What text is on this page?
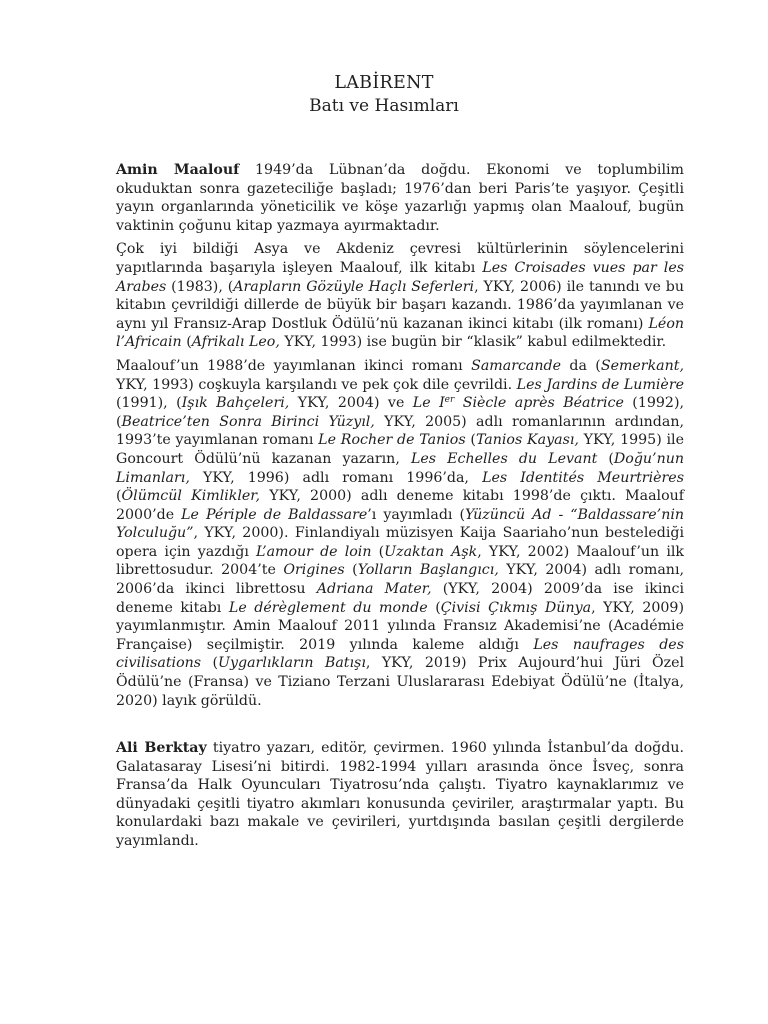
LABİRENT
Batı ve Hasımları

Amin Maalouf 1949’da Lübnan’da doğdu. Ekonomi ve toplumbilim okuduktan sonra gazeteciliğe başladı; 1976’dan beri Paris’te yaşıyor. Çeşitli yayın organlarında yöneticilik ve köşe yazarlığı yapmış olan Maalouf, bugün vaktinin çoğunu kitap yazmaya ayırmaktadır.

Çok iyi bildiği Asya ve Akdeniz çevresi kültürlerinin söylencelerini yapıtlarında başarıyla işleyen Maalouf, ilk kitabı Les Croisades vues par les Arabes (1983), (Arapların Gözüyle Haçlı Seferleri, YKY, 2006) ile tanındı ve bu kitabın çevrildiği dillerde de büyük bir başarı kazandı. 1986’da yayımlanan ve aynı yıl Fransız-Arap Dostluk Ödülü’nü kazanan ikinci kitabı (ilk romanı) Léon l’Africain (Afrikalı Leo, YKY, 1993) ise bugün bir “klasik” kabul edilmektedir.

Maalouf’un 1988’de yayımlanan ikinci romanı Samarcande da (Semerkant, YKY, 1993) coşkuyla karşılandı ve pek çok dile çevrildi. Les Jardins de Lumière (1991), (Işık Bahçeleri, YKY, 2004) ve Le Ier Siècle après Béatrice (1992), (Beatrice’ten Sonra Birinci Yüzyıl, YKY, 2005) adlı romanlarının ardından, 1993’te yayımlanan romanı Le Rocher de Tanios (Tanios Kayası, YKY, 1995) ile Goncourt Ödülü’nü kazanan yazarın, Les Echelles du Levant (Doğu’nun Limanları, YKY, 1996) adlı romanı 1996’da, Les Identités Meurtrières (Ölümcül Kimlikler, YKY, 2000) adlı deneme kitabı 1998’de çıktı. Maalouf 2000’de Le Périple de Baldassare’ı yayımladı (Yüzüncü Ad - “Baldassare’nin Yolculuğu”, YKY, 2000). Finlandiyalı müzisyen Kaija Saariaho’nun bestelediği opera için yazdığı L’amour de loin (Uzaktan Aşk, YKY, 2002) Maalouf’un ilk librettosudur. 2004’te Origines (Yolların Başlangıcı, YKY, 2004) adlı romanı, 2006’da ikinci librettosu Adriana Mater, (YKY, 2004) 2009’da ise ikinci deneme kitabı Le dérèglement du monde (Çivisi Çıkmış Dünya, YKY, 2009) yayımlanmıştır. Amin Maalouf 2011 yılında Fransız Akademisi’ne (Académie Française) seçilmiştir. 2019 yılında kaleme aldığı Les naufrages des civilisations (Uygarlıkların Batışı, YKY, 2019) Prix Aujourd’hui Jüri Özel Ödülü’ne (Fransa) ve Tiziano Terzani Uluslararası Edebiyat Ödülü’ne (İtalya, 2020) layık görüldü.

Ali Berktay tiyatro yazarı, editör, çevirmen. 1960 yılında İstanbul’da doğdu. Galatasaray Lisesi’ni bitirdi. 1982-1994 yılları arasında önce İsveç, sonra Fransa’da Halk Oyuncuları Tiyatrosu’nda çalıştı. Tiyatro kaynaklarımız ve dünyadaki çeşitli tiyatro akımları konusunda çeviriler, araştırmalar yaptı. Bu konulardaki bazı makale ve çevirileri, yurtdışında basılan çeşitli dergilerde yayımlandı.
